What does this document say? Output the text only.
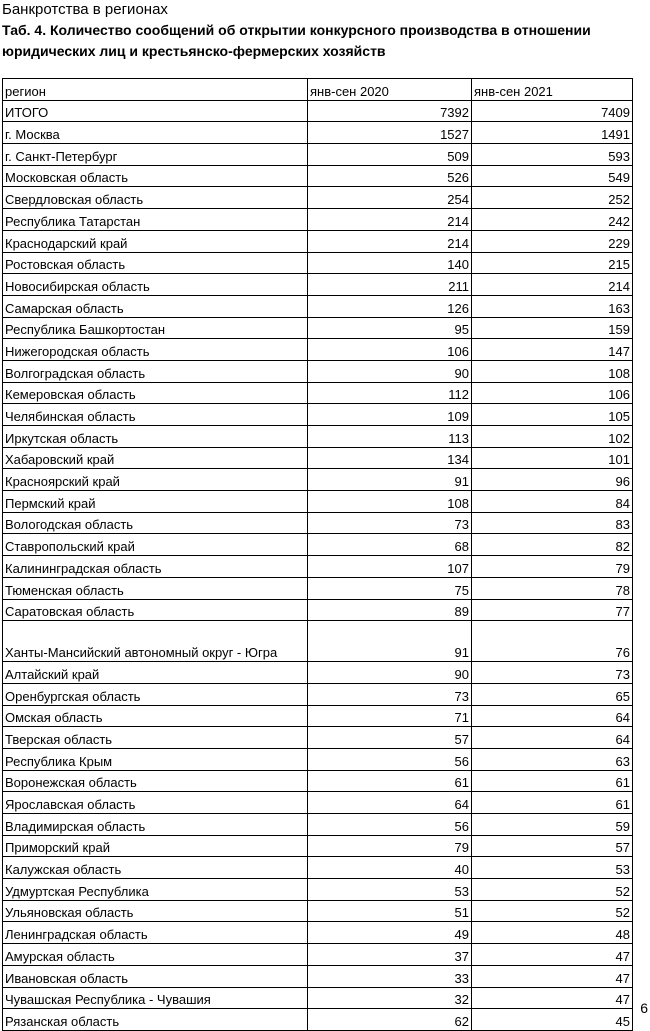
Банкротства в регионах
Таб. 4. Количество сообщений об открытии конкурсного производства в отношении юридических лиц и крестьянско-фермерских хозяйств
регион	янв-сен 2020	янв-сен 2021
ИТОГО	7392	7409
г. Москва	1527	1491
г. Санкт-Петербург	509	593
Московская область	526	549
Свердловская область	254	252
Республика Татарстан	214	242
Краснодарский край	214	229
Ростовская область	140	215
Новосибирская область	211	214
Самарская область	126	163
Республика Башкортостан	95	159
Нижегородская область	106	147
Волгоградская область	90	108
Кемеровская область	112	106
Челябинская область	109	105
Иркутская область	113	102
Хабаровский край	134	101
Красноярский край	91	96
Пермский край	108	84
Вологодская область	73	83
Ставропольский край	68	82
Калининградская область	107	79
Тюменская область	75	78
Саратовская область	89	77
Ханты-Мансийский автономный округ - Югра	91	76
Алтайский край	90	73
Оренбургская область	73	65
Омская область	71	64
Тверская область	57	64
Республика Крым	56	63
Воронежская область	61	61
Ярославская область	64	61
Владимирская область	56	59
Приморский край	79	57
Калужская область	40	53
Удмуртская Республика	53	52
Ульяновская область	51	52
Ленинградская область	49	48
Амурская область	37	47
Ивановская область	33	47
Чувашская Республика - Чувашия	32	47
Рязанская область	62	45
6
